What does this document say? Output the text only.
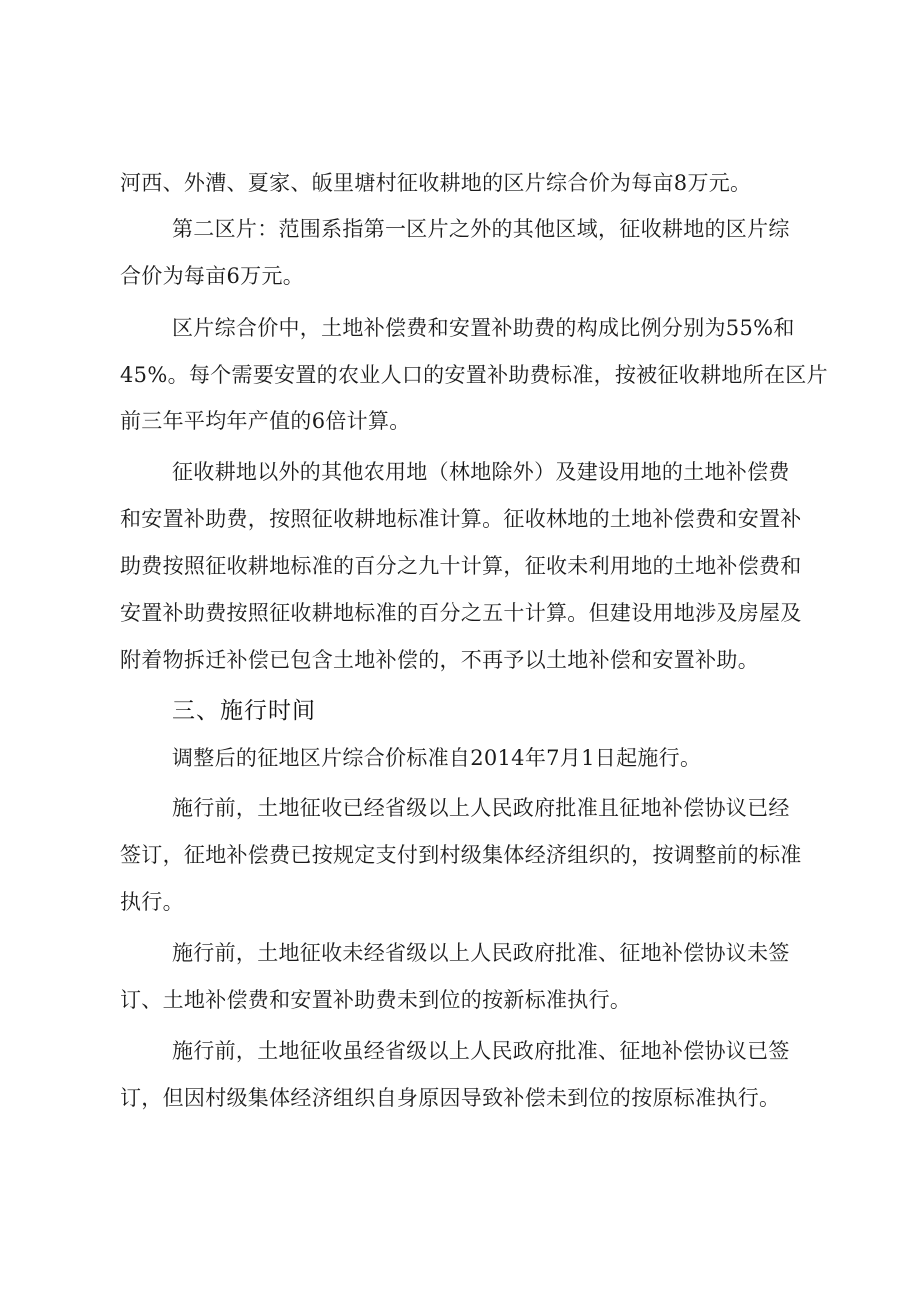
河西、外漕、夏家、皈里塘村征收耕地的区片综合价为每亩8万元。
第二区片：范围系指第一区片之外的其他区域，征收耕地的区片综
合价为每亩6万元。
区片综合价中，土地补偿费和安置补助费的构成比例分别为55%和
45%。每个需要安置的农业人口的安置补助费标准，按被征收耕地所在区片
前三年平均年产值的6倍计算。
征收耕地以外的其他农用地（林地除外）及建设用地的土地补偿费
和安置补助费，按照征收耕地标准计算。征收林地的土地补偿费和安置补
助费按照征收耕地标准的百分之九十计算，征收未利用地的土地补偿费和
安置补助费按照征收耕地标准的百分之五十计算。但建设用地涉及房屋及
附着物拆迁补偿已包含土地补偿的，不再予以土地补偿和安置补助。
三、施行时间
调整后的征地区片综合价标准自2014年7月1日起施行。
施行前，土地征收已经省级以上人民政府批准且征地补偿协议已经
签订，征地补偿费已按规定支付到村级集体经济组织的，按调整前的标准
执行。
施行前，土地征收未经省级以上人民政府批准、征地补偿协议未签
订、土地补偿费和安置补助费未到位的按新标准执行。
施行前，土地征收虽经省级以上人民政府批准、征地补偿协议已签
订，但因村级集体经济组织自身原因导致补偿未到位的按原标准执行。
